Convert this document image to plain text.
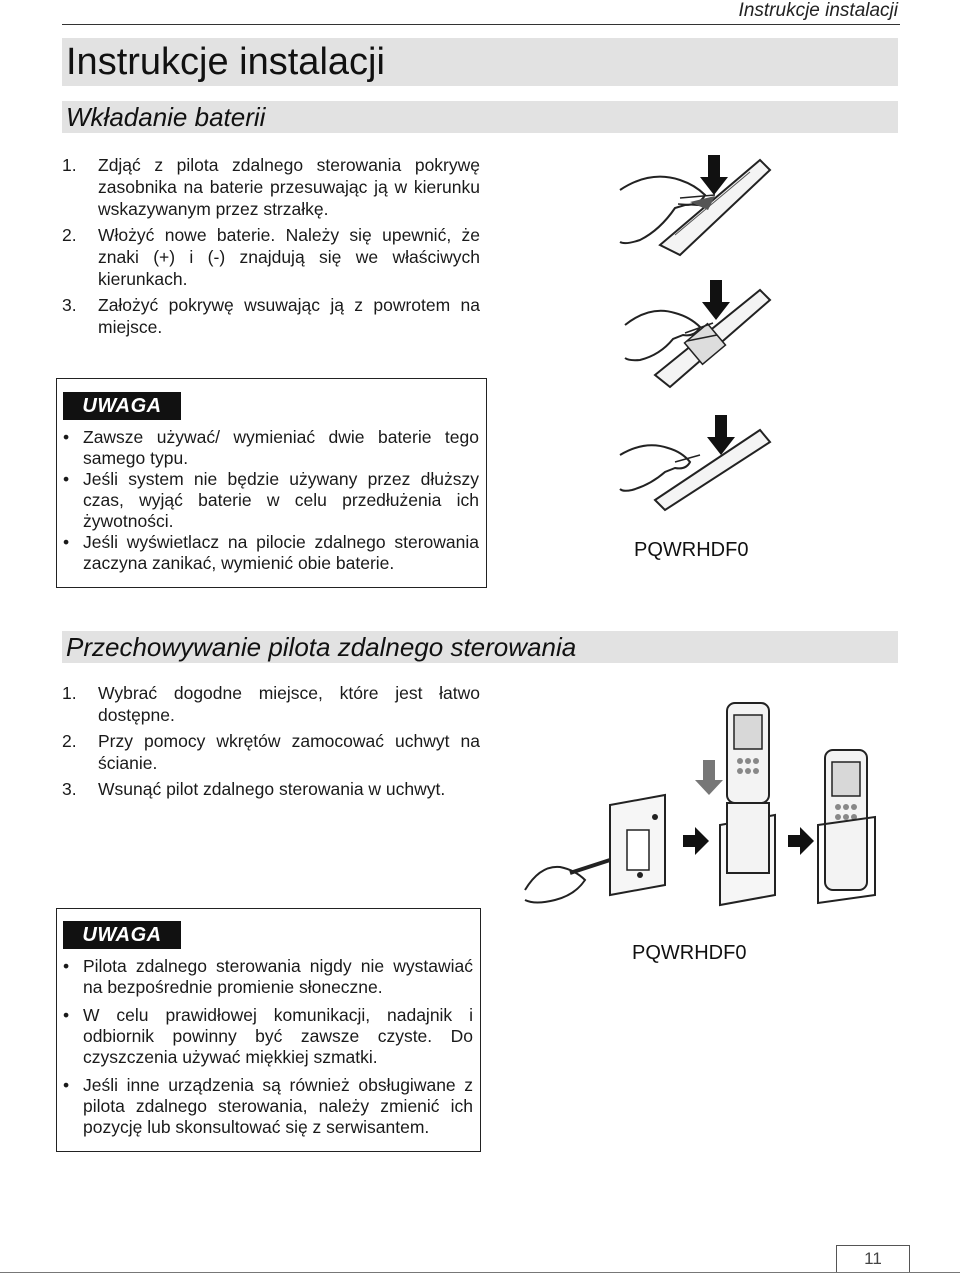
Instrukcje instalacji
Instrukcje instalacji
Wkładanie baterii
1.	Zdjąć z pilota zdalnego sterowania pokrywę zasobnika na baterie przesuwając ją w kierunku wskazywanym przez strzałkę.
2.	Włożyć nowe baterie. Należy się upewnić, że znaki (+) i (-) znajdują się we właściwych kierunkach.
3.	Założyć pokrywę wsuwając ją z powrotem na miejsce.
UWAGA
• Zawsze używać/ wymieniać dwie baterie tego samego typu.
• Jeśli system nie będzie używany przez dłuższy czas, wyjąć baterie w celu przedłużenia ich żywotności.
• Jeśli wyświetlacz na pilocie zdalnego sterowania zaczyna zanikać, wymienić obie baterie.
PQWRHDF0
Przechowywanie pilota zdalnego sterowania
1.	Wybrać dogodne miejsce, które jest łatwo dostępne.
2.	Przy pomocy wkrętów zamocować uchwyt na ścianie.
3.	Wsunąć pilot zdalnego sterowania w uchwyt.
UWAGA
• Pilota zdalnego sterowania nigdy nie wystawiać na bezpośrednie promienie słoneczne.
• W celu prawidłowej komunikacji, nadajnik i odbiornik powinny być zawsze czyste. Do czyszczenia używać miękkiej szmatki.
• Jeśli inne urządzenia są również obsługiwane z pilota zdalnego sterowania, należy zmienić ich pozycję lub skonsultować się z serwisantem.
PQWRHDF0
11
